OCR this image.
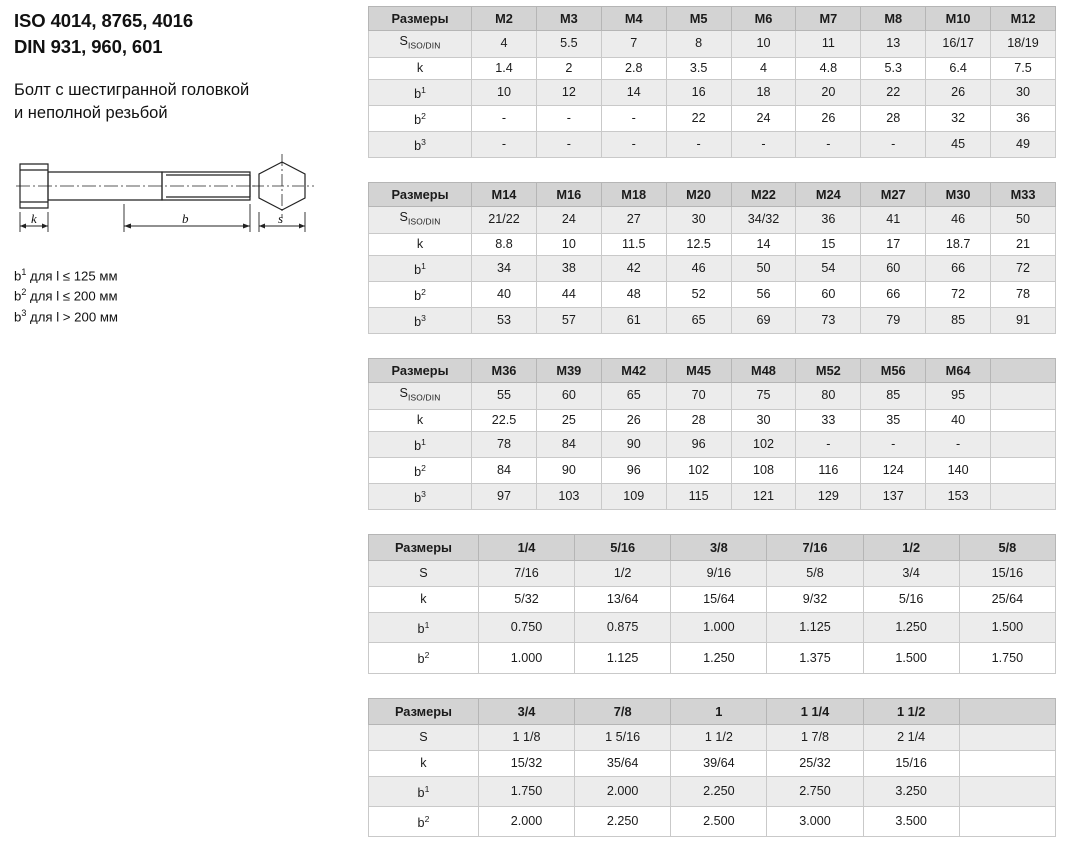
ISO 4014, 8765, 4016
DIN 931, 960, 601
Болт с шестигранной головкой
и неполной резьбой
k	b	s
$b^1$ для l ≤ 125 мм
$b^2$ для l ≤ 200 мм
$b^3$ для l > 200 мм
Размеры	M2	M3	M4	M5	M6	M7	M8	M10	M12
$S_{ISO/DIN}$	4	5.5	7	8	10	11	13	16/17	18/19
k	1.4	2	2.8	3.5	4	4.8	5.3	6.4	7.5
$b^1$	10	12	14	16	18	20	22	26	30
$b^2$	-	-	-	22	24	26	28	32	36
$b^3$	-	-	-	-	-	-	-	45	49
Размеры	M14	M16	M18	M20	M22	M24	M27	M30	M33
$S_{ISO/DIN}$	21/22	24	27	30	34/32	36	41	46	50
k	8.8	10	11.5	12.5	14	15	17	18.7	21
$b^1$	34	38	42	46	50	54	60	66	72
$b^2$	40	44	48	52	56	60	66	72	78
$b^3$	53	57	61	65	69	73	79	85	91
Размеры	M36	M39	M42	M45	M48	M52	M56	M64	
$S_{ISO/DIN}$	55	60	65	70	75	80	85	95	
k	22.5	25	26	28	30	33	35	40	
$b^1$	78	84	90	96	102	-	-	-	
$b^2$	84	90	96	102	108	116	124	140	
$b^3$	97	103	109	115	121	129	137	153	
Размеры	1/4	5/16	3/8	7/16	1/2	5/8
S	7/16	1/2	9/16	5/8	3/4	15/16
k	5/32	13/64	15/64	9/32	5/16	25/64
$b^1$	0.750	0.875	1.000	1.125	1.250	1.500
$b^2$	1.000	1.125	1.250	1.375	1.500	1.750
Размеры	3/4	7/8	1	1 1/4	1 1/2	
S	1 1/8	1 5/16	1 1/2	1 7/8	2 1/4	
k	15/32	35/64	39/64	25/32	15/16	
$b^1$	1.750	2.000	2.250	2.750	3.250	
$b^2$	2.000	2.250	2.500	3.000	3.500	
